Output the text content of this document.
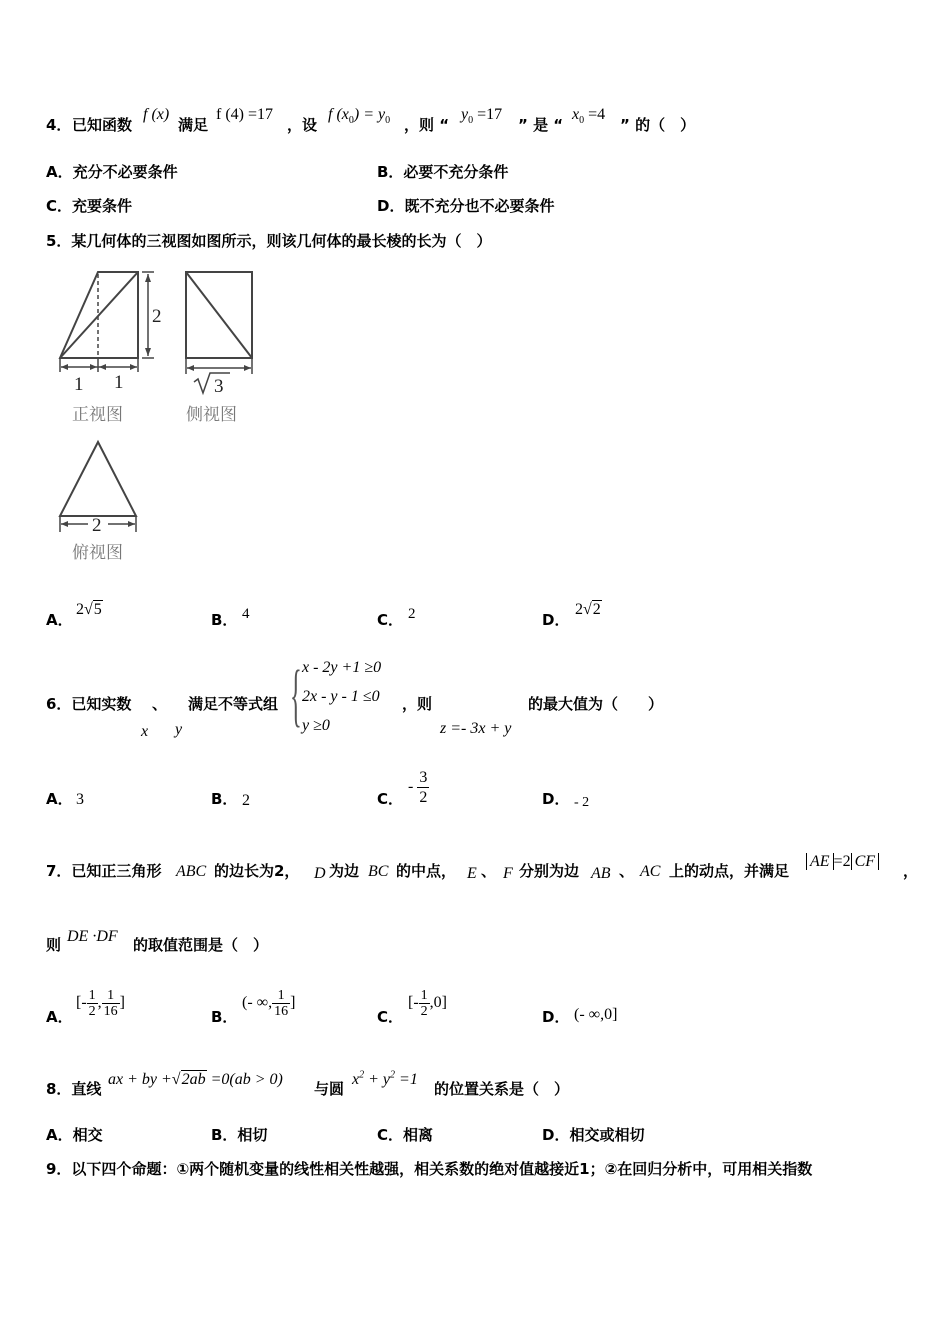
4． 已知函数
f (x)
满足
f (4) =17
，设
f $(x_0) = y_0$ ，则 “
$y_0 =17$
” 是 “
$x_0 =4$
” 的（　）
A．充分不必要条件	B．必要不充分条件
C．充要条件	D．既不充分也不必要条件
5．某几何体的三视图如图所示，则该几何体的最长棱的长为（　）
2
1 1
正视图
3
侧视图
2
俯视图
A．
2√5
B． 4	C． 2	D．
2√2
6．已知实数 、 满足不等式组
x y { x - 2y +1 ≥0
2x - y - 1 ≤0
y ≥0
，则
z =- 3x + y
的最大值为（　　）
A． 3	B． 2	C．
- $\frac{3}{2}$	D． - 2
7．已知正三角形 ABC 的边长为2， D 为边 BC 的中点， E 、 F 分别为边 AB 、 AC 上的动点，并满足
AE =2 CF
，
则 DE ·DF 的取值范围是（　）
A．
[- $\frac{1}{2}$ , $\frac{1}{16}$ ]
B．
(- ∞, $\frac{1}{16}$ ]
C．
[- $\frac{1}{2} ,0$]
D． (- ∞,0]
8．直线
ax + by +√2ab =0(ab > 0)
与圆
$x^2 + y^2 =1$
的位置关系是（　）
A．相交	B．相切	C．相离	D．相交或相切
9．以下四个命题：①两个随机变量的线性相关性越强，相关系数的绝对值越接近1；②在回归分析中，可用相关指数
